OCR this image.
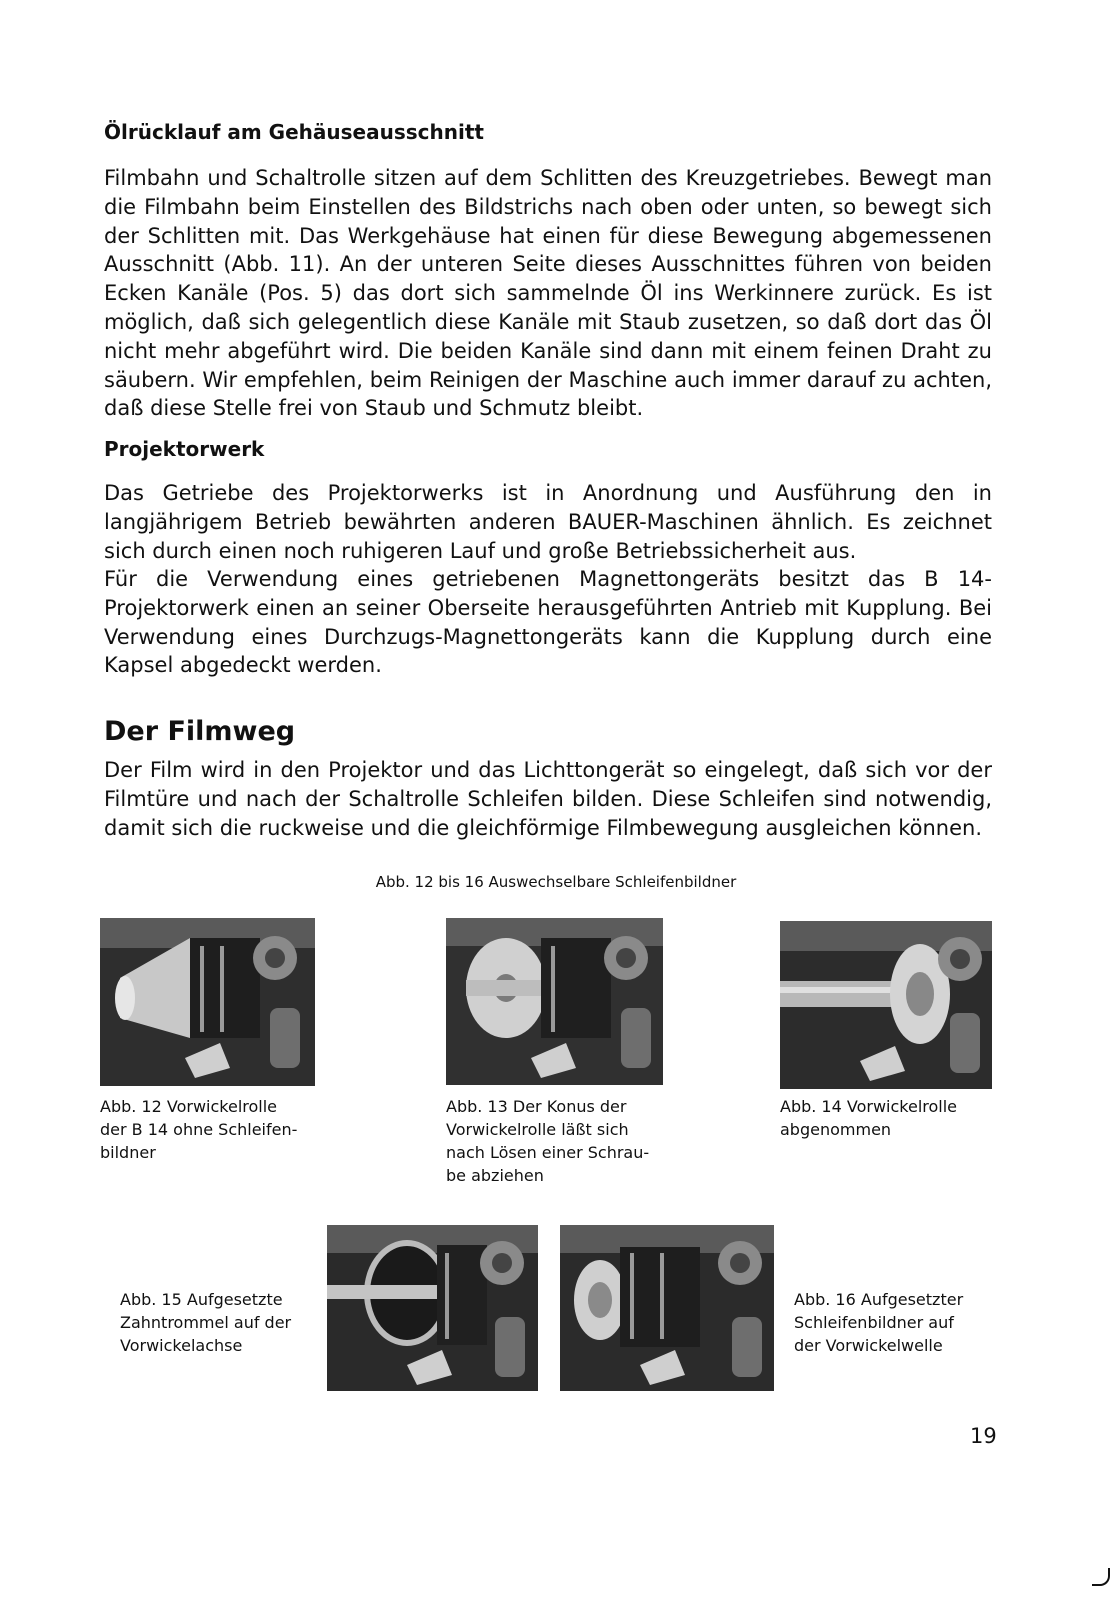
Ölrücklauf am Gehäuseausschnitt

Filmbahn und Schaltrolle sitzen auf dem Schlitten des Kreuzgetriebes. Bewegt man die Filmbahn beim Einstellen des Bildstrichs nach oben oder unten, so bewegt sich der Schlitten mit. Das Werkgehäuse hat einen für diese Bewegung abgemessenen Ausschnitt (Abb. 11). An der unteren Seite dieses Ausschnittes führen von beiden Ecken Kanäle (Pos. 5) das dort sich sammelnde Öl ins Werkinnere zurück. Es ist möglich, daß sich gelegentlich diese Kanäle mit Staub zusetzen, so daß dort das Öl nicht mehr abgeführt wird. Die beiden Kanäle sind dann mit einem feinen Draht zu säubern. Wir empfehlen, beim Reinigen der Maschine auch immer darauf zu achten, daß diese Stelle frei von Staub und Schmutz bleibt.

Projektorwerk

Das Getriebe des Projektorwerks ist in Anordnung und Ausführung den in langjährigem Betrieb bewährten anderen BAUER-Maschinen ähnlich. Es zeichnet sich durch einen noch ruhigeren Lauf und große Betriebssicherheit aus.

Für die Verwendung eines getriebenen Magnettongeräts besitzt das B 14-Projektorwerk einen an seiner Oberseite herausgeführten Antrieb mit Kupplung. Bei Verwendung eines Durchzugs-Magnettongeräts kann die Kupplung durch eine Kapsel abgedeckt werden.

Der Filmweg

Der Film wird in den Projektor und das Lichttongerät so eingelegt, daß sich vor der Filmtüre und nach der Schaltrolle Schleifen bilden. Diese Schleifen sind notwendig, damit sich die ruckweise und die gleichförmige Filmbewegung ausgleichen können.

Abb. 12 bis 16 Auswechselbare Schleifenbildner

Abb. 12 Vorwickelrolle
der B 14 ohne Schleifen-
bildner

Abb. 13 Der Konus der
Vorwickelrolle läßt sich
nach Lösen einer Schrau-
be abziehen

Abb. 14 Vorwickelrolle
abgenommen

Abb. 15 Aufgesetzte
Zahntrommel auf der
Vorwickelachse

Abb. 16 Aufgesetzter
Schleifenbildner auf
der Vorwickelwelle

19
